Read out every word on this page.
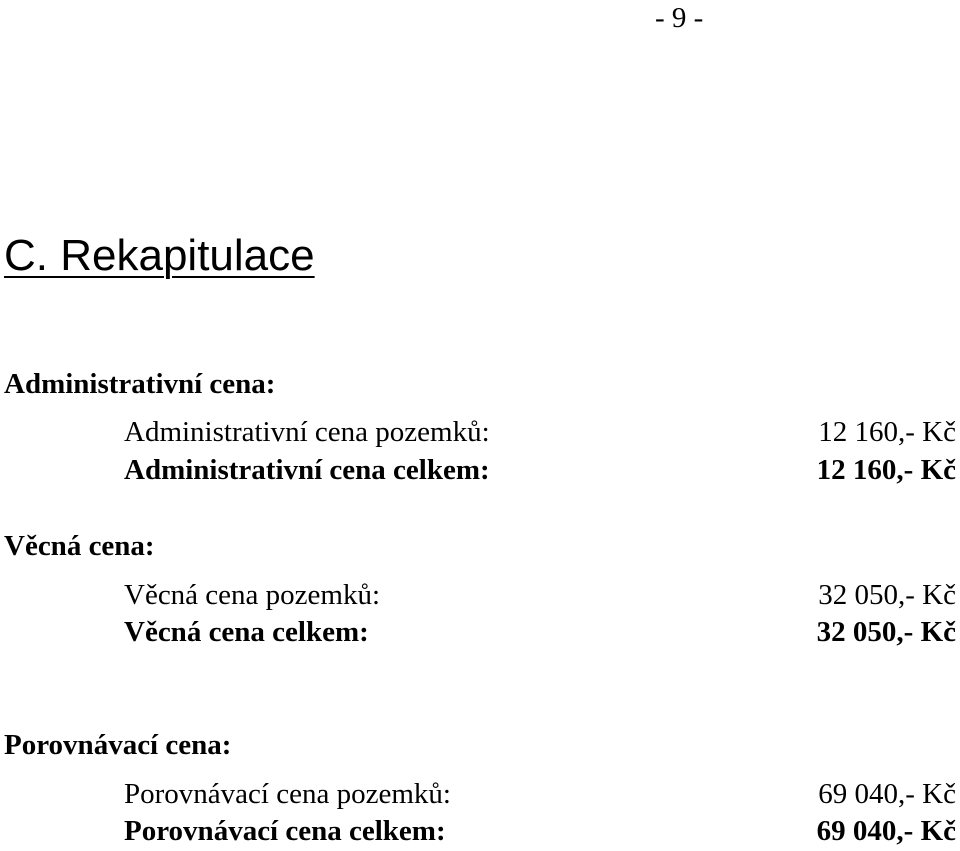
- 9 -
C. Rekapitulace
Administrativní cena:
Administrativní cena pozemků:	12 160,- Kč
Administrativní cena celkem:	12 160,- Kč
Věcná cena:
Věcná cena pozemků:	32 050,- Kč
Věcná cena celkem:	32 050,- Kč
Porovnávací cena:
Porovnávací cena pozemků:	69 040,- Kč
Porovnávací cena celkem:	69 040,- Kč
